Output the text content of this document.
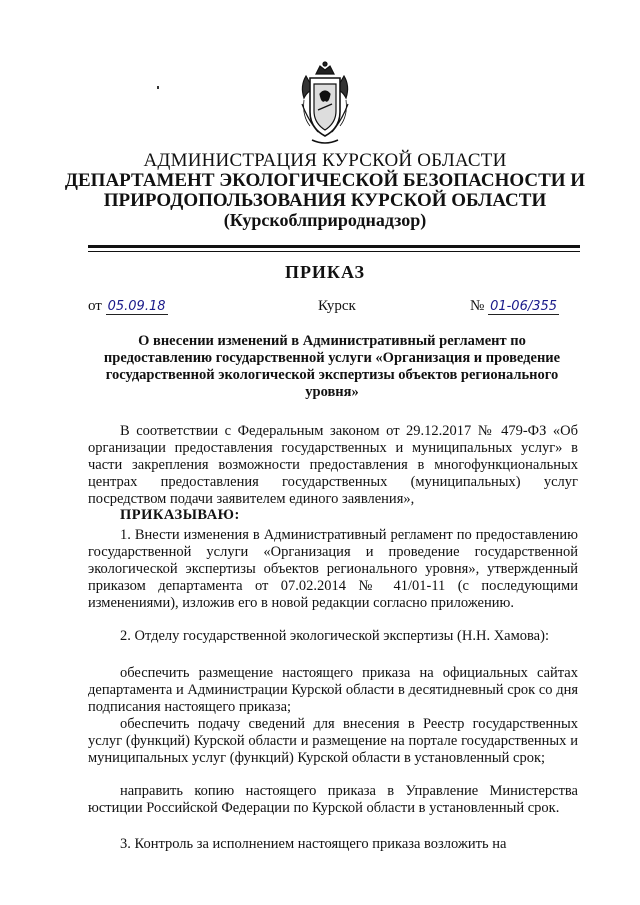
АДМИНИСТРАЦИЯ КУРСКОЙ ОБЛАСТИ
ДЕПАРТАМЕНТ ЭКОЛОГИЧЕСКОЙ БЕЗОПАСНОСТИ И
ПРИРОДОПОЛЬЗОВАНИЯ КУРСКОЙ ОБЛАСТИ
(Курскоблприроднадзор)
ПРИКАЗ
от 05.09.18	Курск	№ 01-06/355
О внесении изменений в Административный регламент по предоставлению государственной услуги «Организация и проведение государственной экологической экспертизы объектов регионального уровня»
В соответствии с Федеральным законом от 29.12.2017 № 479-ФЗ «Об организации предоставления государственных и муниципальных услуг» в части закрепления возможности предоставления в многофункциональных центрах предоставления государственных (муниципальных) услуг посредством подачи заявителем единого заявления»,
ПРИКАЗЫВАЮ:
1. Внести изменения в Административный регламент по предоставлению государственной услуги «Организация и проведение государственной экологической экспертизы объектов регионального уровня», утвержденный приказом департамента от 07.02.2014 № 41/01-11 (с последующими изменениями), изложив его в новой редакции согласно приложению.
2. Отделу государственной экологической экспертизы (Н.Н. Хамова):
обеспечить размещение настоящего приказа на официальных сайтах департамента и Администрации Курской области в десятидневный срок со дня подписания настоящего приказа;
обеспечить подачу сведений для внесения в Реестр государственных услуг (функций) Курской области и размещение на портале государственных и муниципальных услуг (функций) Курской области в установленный срок;
направить копию настоящего приказа в Управление Министерства юстиции Российской Федерации по Курской области в установленный срок.
3. Контроль за исполнением настоящего приказа возложить на
